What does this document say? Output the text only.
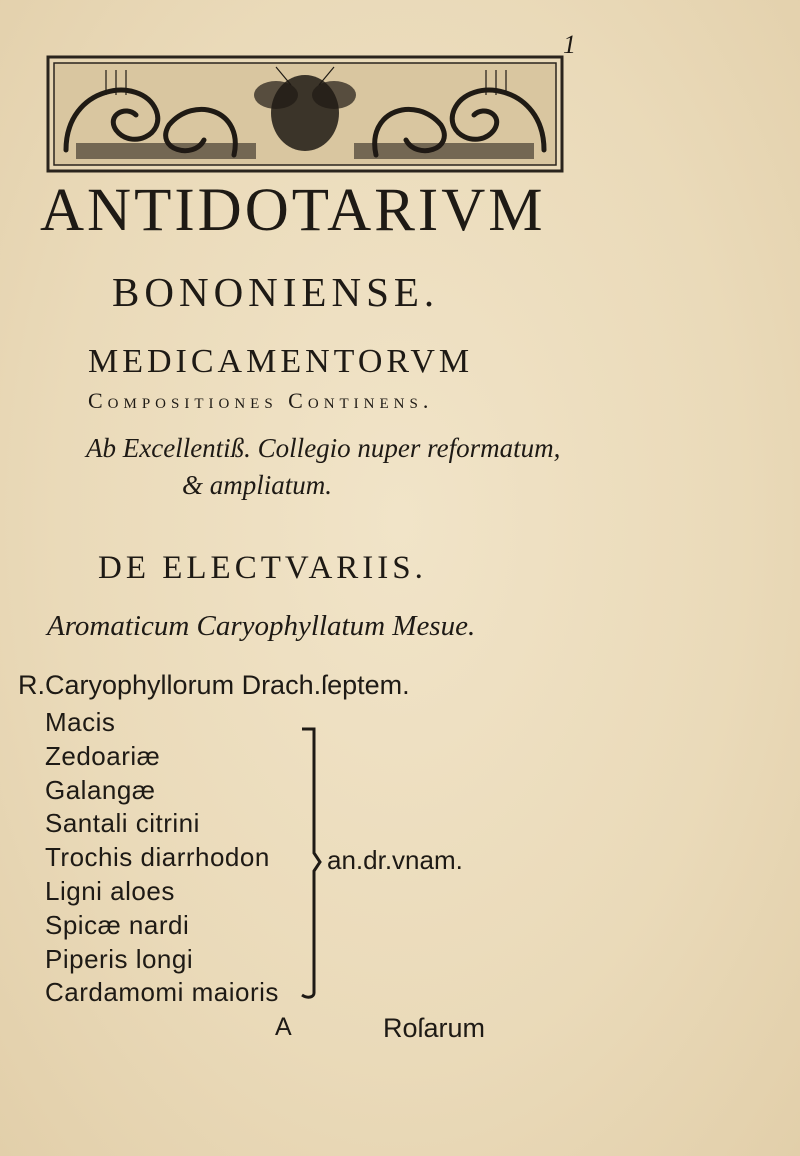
1
ANTIDOTARIVM
BONONIENSE.
MEDICAMENTORVM
Compositiones Continens.
Ab Excellentiß. Collegio nuper reformatum,
& ampliatum.
DE ELECTVARIIS.
Aromaticum Caryophyllatum Mesue.
R.Caryophyllorum Drach.ſeptem.
Macis
Zedoariæ
Galangæ
Santali citrini
Trochis diarrhodon
Ligni aloes
Spicæ nardi
Piperis longi
Cardamomi maioris
an.dr.vnam.
A	Roſarum
